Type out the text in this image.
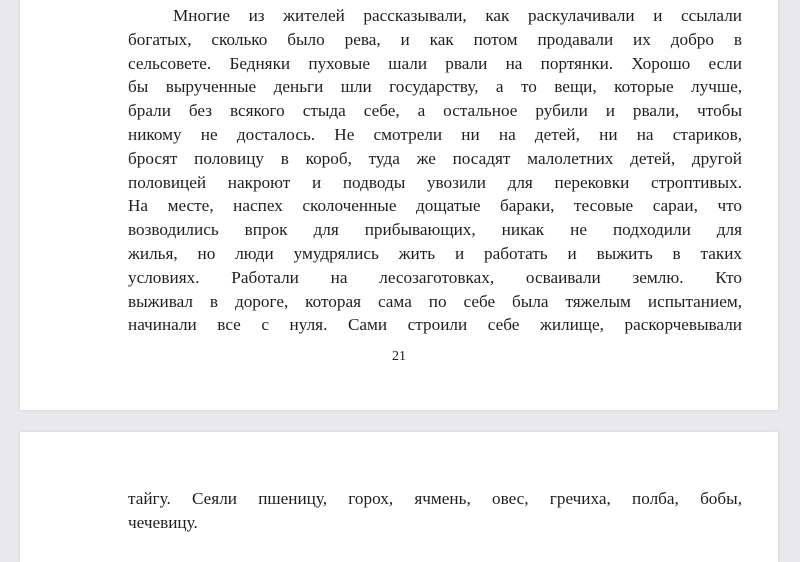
Многие из жителей рассказывали, как раскулачивали и ссылали
богатых, сколько было рева, и как потом продавали их добро в
сельсовете. Бедняки пуховые шали рвали на портянки. Хорошо если
бы вырученные деньги шли государству, а то вещи, которые лучше,
брали без всякого стыда себе, а остальное рубили и рвали, чтобы
никому не досталось. Не смотрели ни на детей, ни на стариков,
бросят половицу в короб, туда же посадят малолетних детей, другой
половицей накроют и подводы увозили для перековки строптивых.
На месте, наспех сколоченные дощатые бараки, тесовые сараи, что
возводились впрок для прибывающих, никак не подходили для
жилья, но люди умудрялись жить и работать и выжить в таких
условиях. Работали на лесозаготовках, осваивали землю. Кто
выживал в дороге, которая сама по себе была тяжелым испытанием,
начинали все с нуля. Сами строили себе жилище, раскорчевывали
21
тайгу. Сеяли пшеницу, горох, ячмень, овес, гречиха, полба, бобы,
чечевицу.
